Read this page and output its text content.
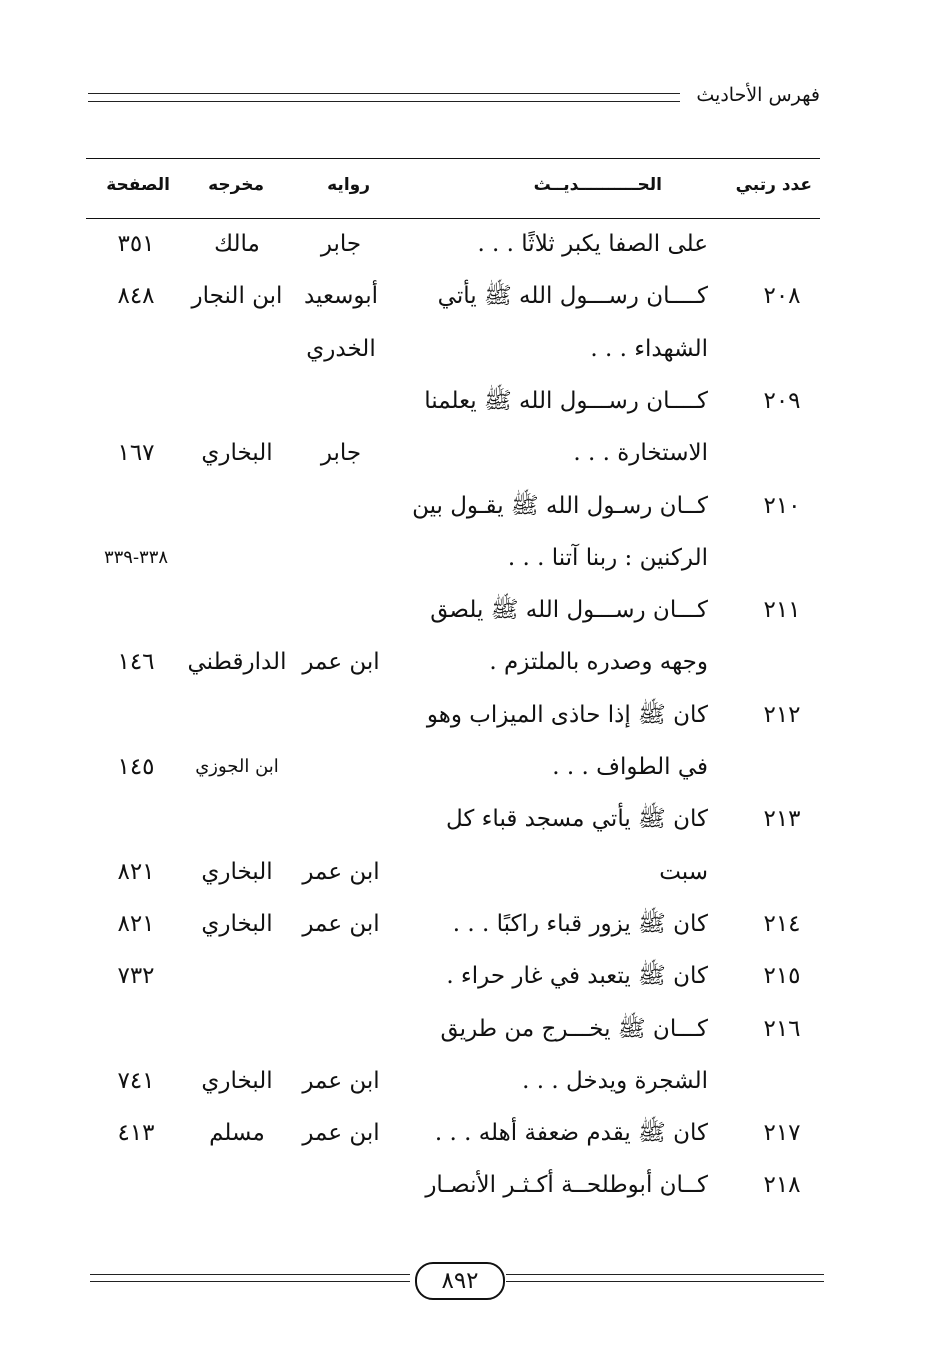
فهرس الأحاديث
عدد رتبي
الحــــــــــديــث
روايه
مخرجه
الصفحة
على الصفا يكبر ثلاثًا . . .
جابر
مالك
٣٥١
٢٠٨
كــــان رســـول الله ﷺ يأتي
أبوسعيد
ابن النجار
٨٤٨
الشهداء . . .
الخدري
٢٠٩
كــــان رســـول الله ﷺ يعلمنا
الاستخارة . . .
جابر
البخاري
١٦٧
٢١٠
كــان رسـول الله ﷺ يقـول بين
الركنين : ربنا آتنا . . .
٣٣٨-٣٣٩
٢١١
كـــان رســـول الله ﷺ يلصق
وجهه وصدره بالملتزم .
ابن عمر
الدارقطني
١٤٦
٢١٢
كان ﷺ إذا حاذى الميزاب وهو
في الطواف . . .
ابن الجوزي
١٤٥
٢١٣
كان ﷺ يأتي مسجد قباء كل
سبت
ابن عمر
البخاري
٨٢١
٢١٤
كان ﷺ يزور قباء راكبًا . . .
ابن عمر
البخاري
٨٢١
٢١٥
كان ﷺ يتعبد في غار حراء .
٧٣٢
٢١٦
كـــان ﷺ يخـــرج من طريق
الشجرة ويدخل . . .
ابن عمر
البخاري
٧٤١
٢١٧
كان ﷺ يقدم ضعفة أهله . . .
ابن عمر
مسلم
٤١٣
٢١٨
كــان أبوطلحــة أكـثـر الأنصـار
٨٩٢
